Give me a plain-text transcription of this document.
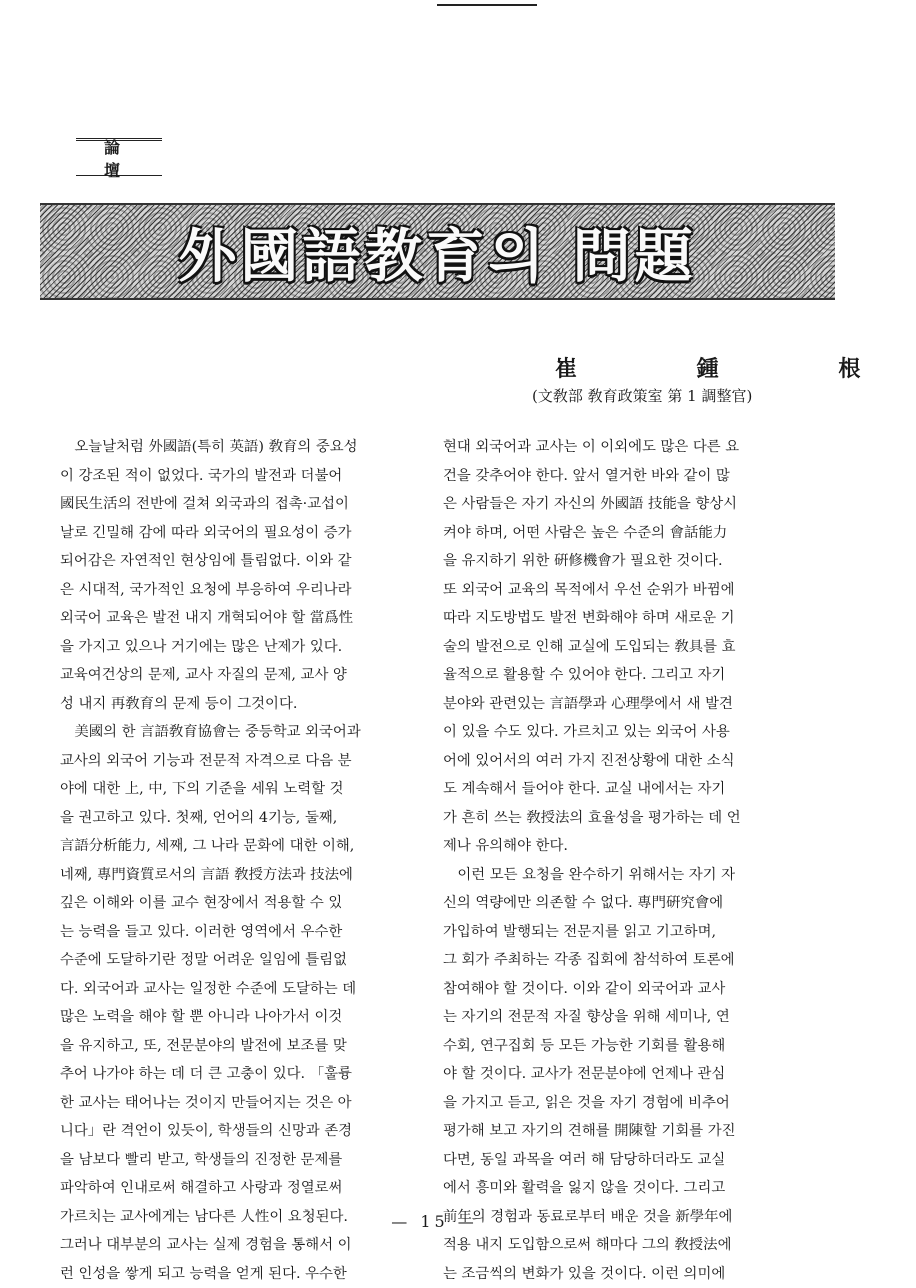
論 壇
外國語教育의 問題
崔 鍾 根
(文敎部 敎育政策室 第 1 調整官)
오늘날처럼 外國語(특히 英語) 敎育의 중요성
이 강조된 적이 없었다. 국가의 발전과 더불어
國民生活의 전반에 걸쳐 외국과의 접촉·교섭이
날로 긴밀해 감에 따라 외국어의 필요성이 증가
되어감은 자연적인 현상임에 틀림없다. 이와 같
은 시대적, 국가적인 요청에 부응하여 우리나라
외국어 교육은 발전 내지 개혁되어야 할 當爲性
을 가지고 있으나 거기에는 많은 난제가 있다.
교육여건상의 문제, 교사 자질의 문제, 교사 양
성 내지 再敎育의 문제 등이 그것이다.
美國의 한 言語敎育協會는 중등학교 외국어과
교사의 외국어 기능과 전문적 자격으로 다음 분
야에 대한 上, 中, 下의 기준을 세워 노력할 것
을 권고하고 있다. 첫째, 언어의 4기능, 둘째,
言語分析能力, 세째, 그 나라 문화에 대한 이해,
네째, 專門資質로서의 言語 敎授方法과 技法에
깊은 이해와 이를 교수 현장에서 적용할 수 있
는 능력을 들고 있다. 이러한 영역에서 우수한
수준에 도달하기란 정말 어려운 일임에 틀림없
다. 외국어과 교사는 일정한 수준에 도달하는 데
많은 노력을 해야 할 뿐 아니라 나아가서 이것
을 유지하고, 또, 전문분야의 발전에 보조를 맞
추어 나가야 하는 데 더 큰 고충이 있다. 「훌륭
한 교사는 태어나는 것이지 만들어지는 것은 아
니다」란 격언이 있듯이, 학생들의 신망과 존경
을 남보다 빨리 받고, 학생들의 진정한 문제를
파악하여 인내로써 해결하고 사랑과 정열로써
가르치는 교사에게는 남다른 人性이 요청된다.
그러나 대부분의 교사는 실제 경험을 통해서 이
런 인성을 쌓게 되고 능력을 얻게 된다. 우수한
현대 외국어과 교사는 이 이외에도 많은 다른 요
건을 갖추어야 한다. 앞서 열거한 바와 같이 많
은 사람들은 자기 자신의 外國語 技能을 향상시
켜야 하며, 어떤 사람은 높은 수준의 會話能力
을 유지하기 위한 硏修機會가 필요한 것이다.
또 외국어 교육의 목적에서 우선 순위가 바뀜에
따라 지도방법도 발전 변화해야 하며 새로운 기
술의 발전으로 인해 교실에 도입되는 敎具를 효
율적으로 활용할 수 있어야 한다. 그리고 자기
분야와 관련있는 言語學과 心理學에서 새 발견
이 있을 수도 있다. 가르치고 있는 외국어 사용
어에 있어서의 여러 가지 진전상황에 대한 소식
도 계속해서 들어야 한다. 교실 내에서는 자기
가 흔히 쓰는 敎授法의 효율성을 평가하는 데 언
제나 유의해야 한다.
이런 모든 요청을 완수하기 위해서는 자기 자
신의 역량에만 의존할 수 없다. 專門硏究會에
가입하여 발행되는 전문지를 읽고 기고하며,
그 회가 주최하는 각종 집회에 참석하여 토론에
참여해야 할 것이다. 이와 같이 외국어과 교사
는 자기의 전문적 자질 향상을 위해 세미나, 연
수회, 연구집회 등 모든 가능한 기회를 활용해
야 할 것이다. 교사가 전문분야에 언제나 관심
을 가지고 듣고, 읽은 것을 자기 경험에 비추어
평가해 보고 자기의 견해를 開陳할 기회를 가진
다면, 동일 과목을 여러 해 담당하더라도 교실
에서 흥미와 활력을 잃지 않을 것이다. 그리고
前年의 경험과 동료로부터 배운 것을 新學年에
적용 내지 도입함으로써 해마다 그의 敎授法에
는 조금씩의 변화가 있을 것이다. 이런 의미에
— 15 —
